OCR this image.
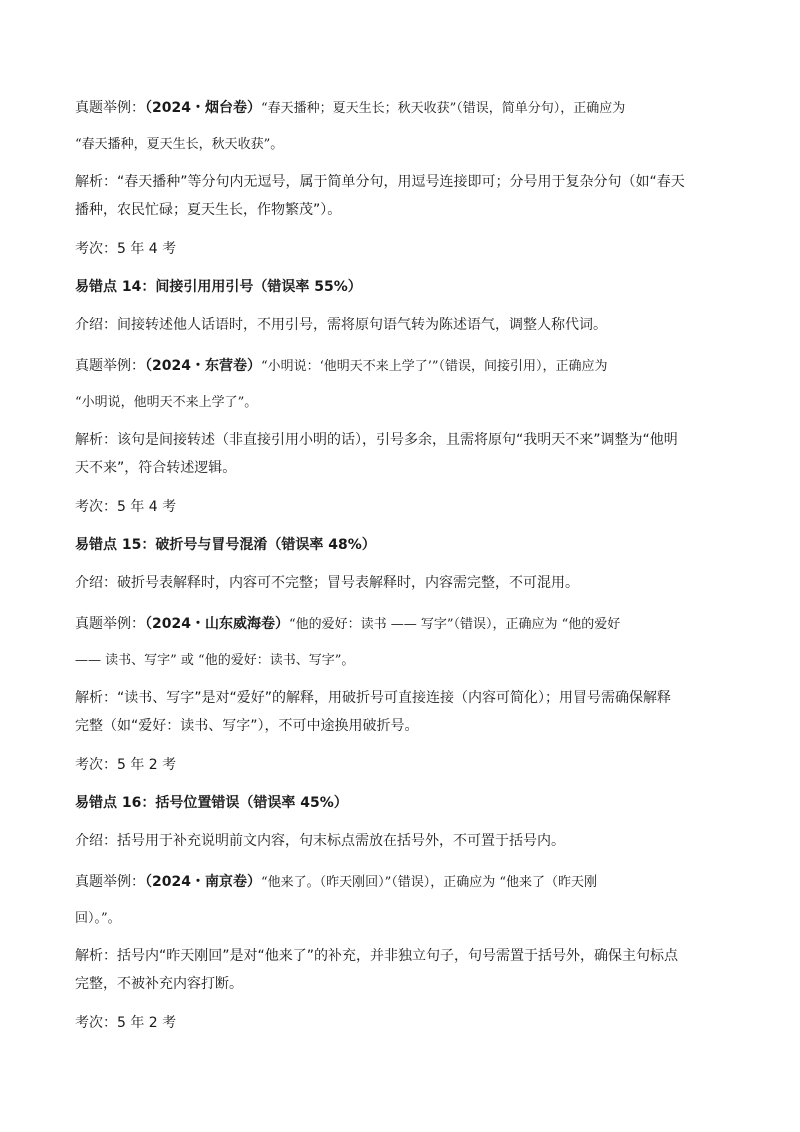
真题举例：（2024・烟台卷）“春天播种；夏天生长；秋天收获”（错误，简单分句），正确应为

“春天播种，夏天生长，秋天收获”。

解析：“春天播种”等分句内无逗号，属于简单分句，用逗号连接即可；分号用于复杂分句（如“春天

播种，农民忙碌；夏天生长，作物繁茂”）。

考次：5 年 4 考

易错点 14：间接引用用引号（错误率 55%）

介绍：间接转述他人话语时，不用引号，需将原句语气转为陈述语气，调整人称代词。

真题举例：（2024・东营卷）“小明说：‘他明天不来上学了’”（错误，间接引用），正确应为

“小明说，他明天不来上学了”。

解析：该句是间接转述（非直接引用小明的话），引号多余，且需将原句“我明天不来”调整为“他明

天不来”，符合转述逻辑。

考次：5 年 4 考

易错点 15：破折号与冒号混淆（错误率 48%）

介绍：破折号表解释时，内容可不完整；冒号表解释时，内容需完整，不可混用。

真题举例：（2024・山东威海卷）“他的爱好：读书 —— 写字”（错误），正确应为 “他的爱好

—— 读书、写字” 或 “他的爱好：读书、写字”。

解析：“读书、写字”是对“爱好”的解释，用破折号可直接连接（内容可简化）；用冒号需确保解释

完整（如“爱好：读书、写字”），不可中途换用破折号。

考次：5 年 2 考

易错点 16：括号位置错误（错误率 45%）

介绍：括号用于补充说明前文内容，句末标点需放在括号外，不可置于括号内。

真题举例：（2024・南京卷）“他来了。（昨天刚回）”（错误），正确应为 “他来了（昨天刚

回）。”。

解析：括号内“昨天刚回”是对“他来了”的补充，并非独立句子，句号需置于括号外，确保主句标点

完整，不被补充内容打断。

考次：5 年 2 考
